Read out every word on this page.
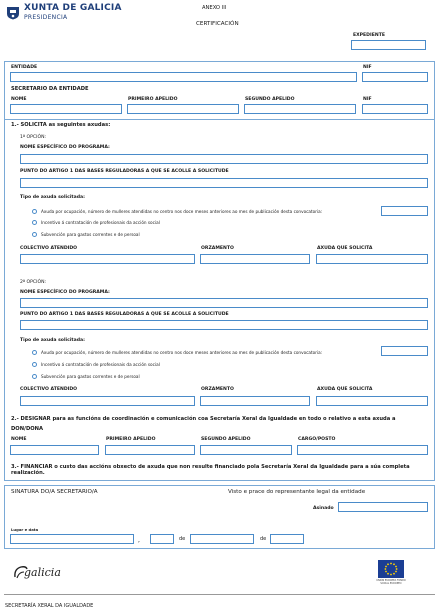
XUNTA DE GALICIA
PRESIDENCIA
ANEXO III
CERTIFICACIÓN
EXPEDIENTE
ENTIDADE	NIF
SECRETARIO DA ENTIDADE
NOME	PRIMEIRO APELIDO	SEGUNDO APELIDO	NIF
1.- SOLICITA as seguintes axudas:
1ª OPCIÓN:
NOME ESPECÍFICO DO PROGRAMA:
PUNTO DO ARTIGO 1 DAS BASES REGULADORAS A QUE SE ACOLLE A SOLICITUDE
Tipo de axuda solicitada:
Axuda por ocupación, número de mulleres atendidas no centro nos doce meses anteriores ao mes de publicación desta convocatoria:
Incentivo á contratación de profesionais da acción social
Subvención para gastos correntes e de persoal
COLECTIVO ATENDIDO	ORZAMENTO	AXUDA QUE SOLICITA
2ª OPCIÓN:
NOME ESPECÍFICO DO PROGRAMA:
PUNTO DO ARTIGO 1 DAS BASES REGULADORAS A QUE SE ACOLLE A SOLICITUDE
Tipo de axuda solicitada:
Axuda por ocupación, número de mulleres atendidas no centro nos doce meses anteriores ao mes de publicación desta convocatoria:
Incentivo á contratación de profesionais da acción social
Subvención para gastos correntes e de persoal
COLECTIVO ATENDIDO	ORZAMENTO	AXUDA QUE SOLICITA
2.- DESIGNAR para as funcións de coordinación e comunicación coa Secretaría Xeral da Igualdade en todo o relativo a esta axuda a
DON/DONA
NOME	PRIMEIRO APELIDO	SEGUNDO APELIDO	CARGO/POSTO
3.- FINANCIAR o custo das accións obxecto de axuda que non resulte financiado pola Secretaría Xeral da Igualdade para a súa completa realización.
SINATURA DO/A SECRETARIO/A	Visto e prace do representante legal da entidade
Asinado
Lugar e data
,	de	de
galicia
UNIÓN EUROPEA FONDO SOCIAL EUROPEO
SECRETARÍA XERAL DA IGUALDADE
